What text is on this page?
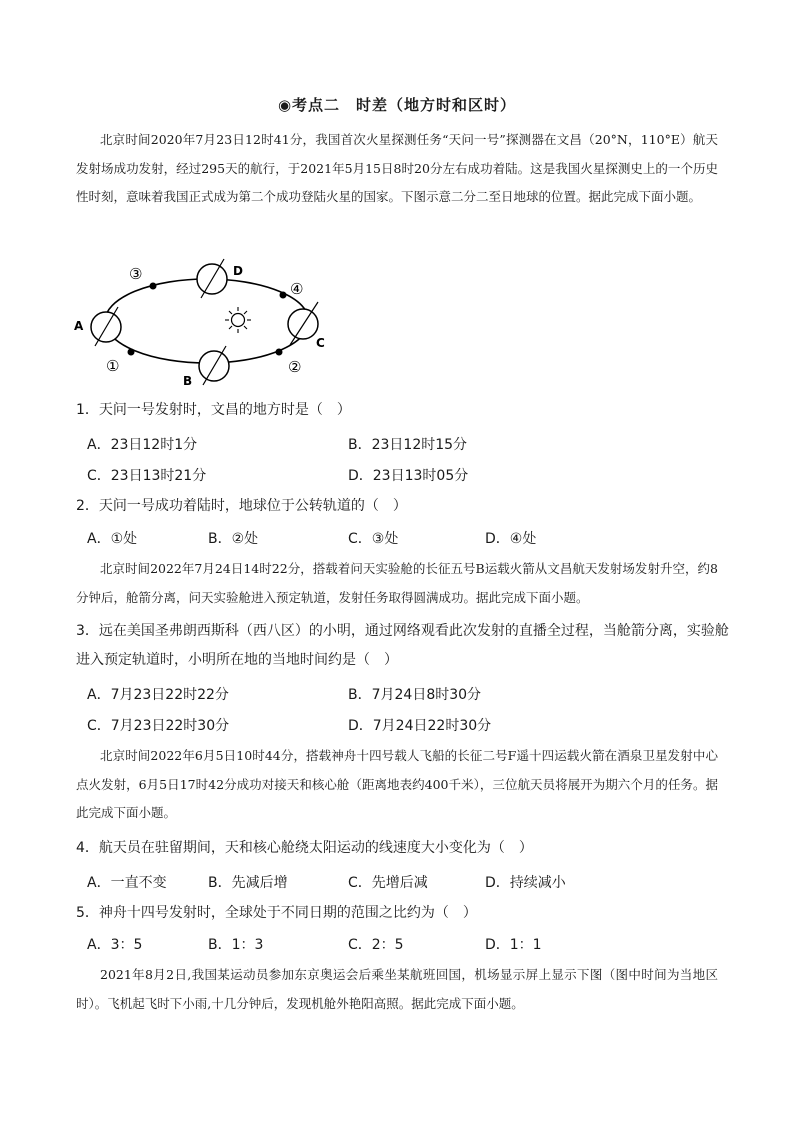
◉考点二　时差（地方时和区时）
北京时间2020年7月23日12时41分，我国首次火星探测任务“天问一号”探测器在文昌（20°N，110°E）航天发射场成功发射，经过295天的航行，于2021年5月15日8时20分左右成功着陆。这是我国火星探测史上的一个历史性时刻，意味着我国正式成为第二个成功登陆火星的国家。下图示意二分二至日地球的位置。据此完成下面小题。
A
B
C
D
①	②
③
④
1．天问一号发射时，文昌的地方时是（　）
A．23日12时1分	B．23日12时15分
C．23日13时21分	D．23日13时05分
2．天问一号成功着陆时，地球位于公转轨道的（　）
A．①处	B．②处	C．③处	D．④处
北京时间2022年7月24日14时22分，搭载着问天实验舱的长征五号B运载火箭从文昌航天发射场发射升空，约8分钟后，舱箭分离，问天实验舱进入预定轨道，发射任务取得圆满成功。据此完成下面小题。
3．远在美国圣弗朗西斯科（西八区）的小明，通过网络观看此次发射的直播全过程，当舱箭分离，实验舱进入预定轨道时，小明所在地的当地时间约是（　）
A．7月23日22时22分	B．7月24日8时30分
C．7月23日22时30分	D．7月24日22时30分
北京时间2022年6月5日10时44分，搭载神舟十四号载人飞船的长征二号F遥十四运载火箭在酒泉卫星发射中心点火发射，6月5日17时42分成功对接天和核心舱（距离地表约400千米），三位航天员将展开为期六个月的任务。据此完成下面小题。
4．航天员在驻留期间，天和核心舱绕太阳运动的线速度大小变化为（　）
A．一直不变	B．先减后增	C．先增后减	D．持续减小
5．神舟十四号发射时，全球处于不同日期的范围之比约为（　）
A．3：5	B．1：3	C．2：5	D．1：1
2021年8月2日,我国某运动员参加东京奥运会后乘坐某航班回国，机场显示屏上显示下图（图中时间为当地区时）。飞机起飞时下小雨,十几分钟后，发现机舱外艳阳高照。据此完成下面小题。
